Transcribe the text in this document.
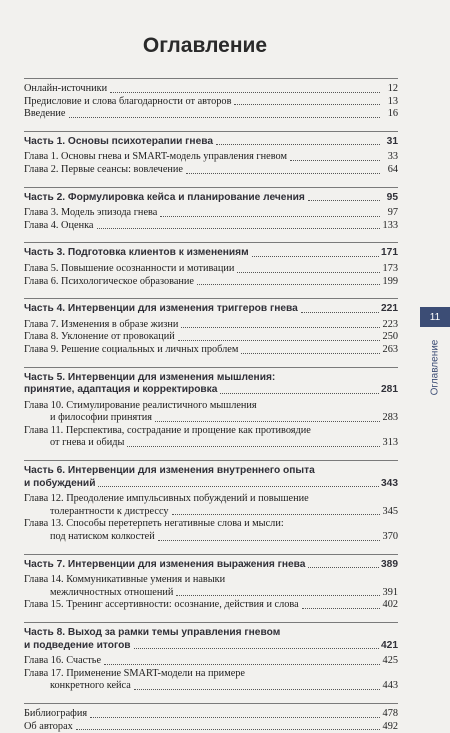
Оглавление
Онлайн-источники	12
Предисловие и слова благодарности от авторов	13
Введение	16
Часть 1. Основы психотерапии гнева	31
Глава 1. Основы гнева и SMART-модель управления гневом	33
Глава 2. Первые сеансы: вовлечение	64
Часть 2. Формулировка кейса и планирование лечения	95
Глава 3. Модель эпизода гнева	97
Глава 4. Оценка	133
Часть 3. Подготовка клиентов к изменениям	171
Глава 5. Повышение осознанности и мотивации	173
Глава 6. Психологическое образование	199
Часть 4. Интервенции для изменения триггеров гнева	221
Глава 7. Изменения в образе жизни	223
Глава 8. Уклонение от провокаций	250
Глава 9. Решение социальных и личных проблем	263
Часть 5. Интервенции для изменения мышления:
принятие, адаптация и корректировка	281
Глава 10. Стимулирование реалистичного мышления
и философии принятия	283
Глава 11. Перспектива, сострадание и прощение как противоядие
от гнева и обиды	313
Часть 6. Интервенции для изменения внутреннего опыта
и побуждений	343
Глава 12. Преодоление импульсивных побуждений и повышение
толерантности к дистрессу	345
Глава 13. Способы перетерпеть негативные слова и мысли:
под натиском колкостей	370
Часть 7. Интервенции для изменения выражения гнева	389
Глава 14. Коммуникативные умения и навыки
межличностных отношений	391
Глава 15. Тренинг ассертивности: осознание, действия и слова	402
Часть 8. Выход за рамки темы управления гневом
и подведение итогов	421
Глава 16. Счастье	425
Глава 17. Применение SMART-модели на примере
конкретного кейса	443
Библиография	478
Об авторах	492
11
Оглавление
